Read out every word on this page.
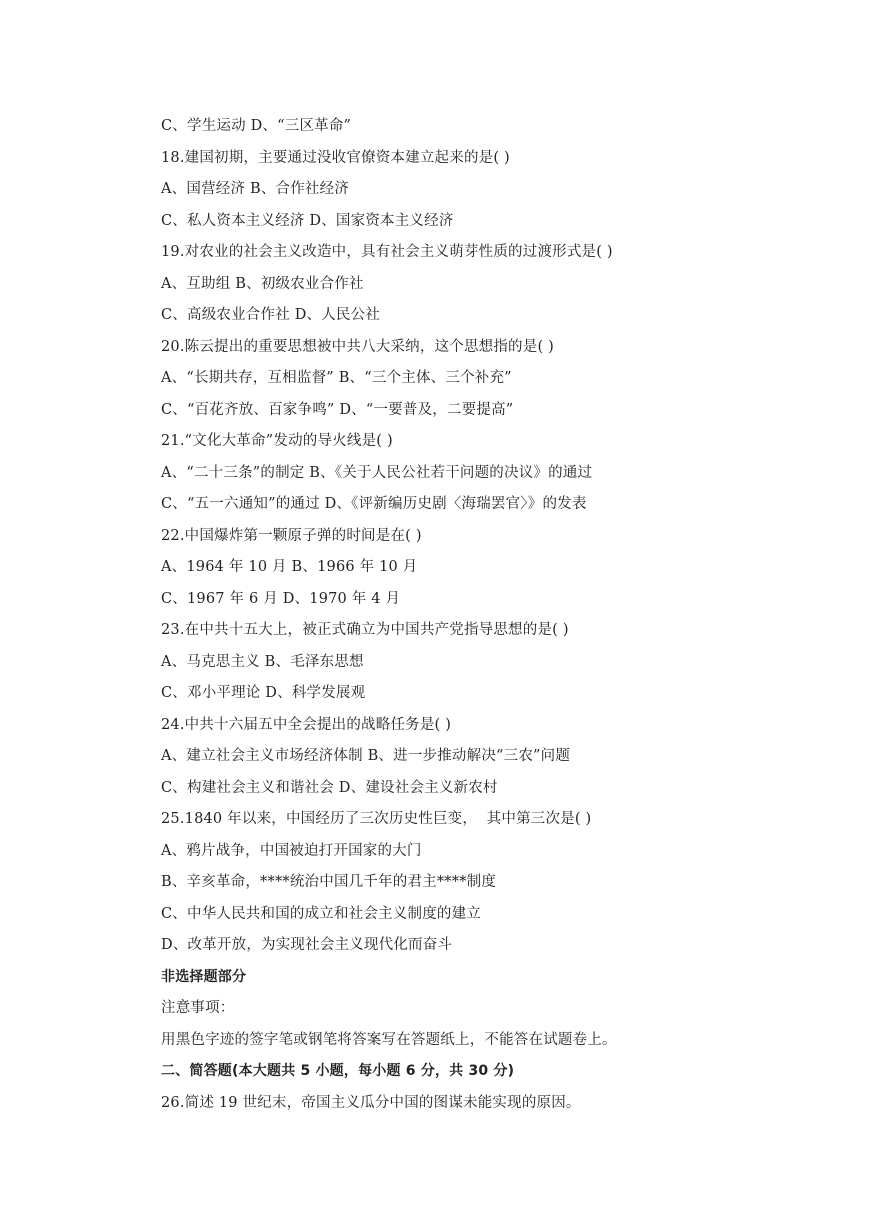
C、学生运动 D、“三区革命”
18.建国初期，主要通过没收官僚资本建立起来的是( )
A、国营经济 B、合作社经济
C、私人资本主义经济 D、国家资本主义经济
19.对农业的社会主义改造中，具有社会主义萌芽性质的过渡形式是( )
A、互助组 B、初级农业合作社
C、高级农业合作社 D、人民公社
20.陈云提出的重要思想被中共八大采纳，这个思想指的是( )
A、“长期共存，互相监督” B、“三个主体、三个补充”
C、“百花齐放、百家争鸣” D、“一要普及，二要提高”
21.“文化大革命”发动的导火线是( )
A、“二十三条”的制定 B、《关于人民公社若干问题的决议》的通过
C、“五一六通知”的通过 D、《评新编历史剧〈海瑞罢官〉》的发表
22.中国爆炸第一颗原子弹的时间是在( )
A、1964 年 10 月 B、1966 年 10 月
C、1967 年 6 月 D、1970 年 4 月
23.在中共十五大上，被正式确立为中国共产党指导思想的是( )
A、马克思主义 B、毛泽东思想
C、邓小平理论 D、科学发展观
24.中共十六届五中全会提出的战略任务是( )
A、建立社会主义市场经济体制 B、进一步推动解决“三农”问题
C、构建社会主义和谐社会 D、建设社会主义新农村
25.1840 年以来，中国经历了三次历史性巨变，  其中第三次是( )
A、鸦片战争，中国被迫打开国家的大门
B、辛亥革命，****统治中国几千年的君主****制度
C、中华人民共和国的成立和社会主义制度的建立
D、改革开放，为实现社会主义现代化而奋斗
非选择题部分
注意事项：
用黑色字迹的签字笔或钢笔将答案写在答题纸上，不能答在试题卷上。
二、简答题(本大题共 5 小题，每小题 6 分，共 30 分)
26.简述 19 世纪末，帝国主义瓜分中国的图谋未能实现的原因。
